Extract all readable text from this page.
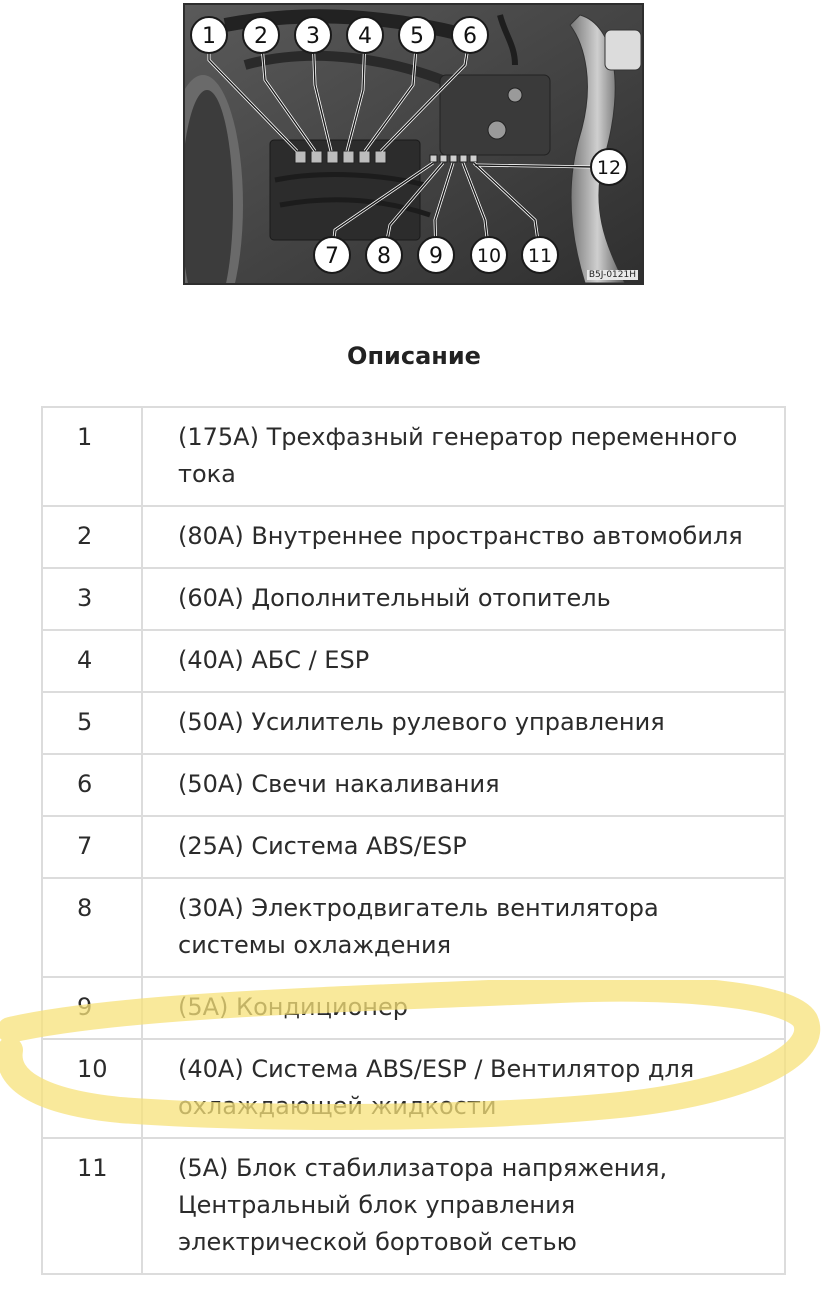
1 2 3 4 5 6
7 8 9 10 11
12
B5J-0121H
Описание
1	(175A) Трехфазный генератор переменного тока
2	(80A) Внутреннее пространство автомобиля
3	(60A) Дополнительный отопитель
4	(40A) АБС / ESP
5	(50A) Усилитель рулевого управления
6	(50A) Свечи накаливания
7	(25A) Система ABS/ESP
8	(30A) Электродвигатель вентилятора системы охлаждения
9	(5A) Кондиционер
10	(40A) Система ABS/ESP / Вентилятор для охлаждающей жидкости
11	(5A) Блок стабилизатора напряжения, Центральный блок управления электрической бортовой сетью
